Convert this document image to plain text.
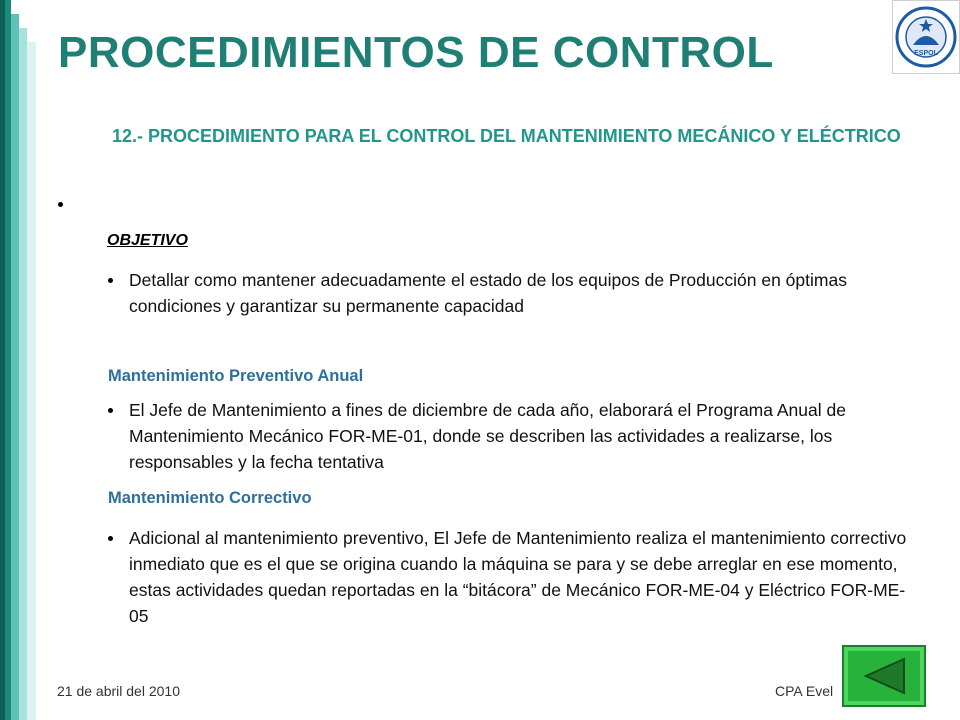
PROCEDIMIENTOS DE CONTROL	ESPOL
12.- PROCEDIMIENTO PARA EL CONTROL DEL MANTENIMIENTO MECÁNICO Y ELÉCTRICO
OBJETIVO
Detallar como mantener adecuadamente el estado de los equipos de Producción en óptimas condiciones y garantizar su permanente capacidad
Mantenimiento Preventivo Anual
El Jefe de Mantenimiento a fines de diciembre de cada año, elaborará el Programa Anual de Mantenimiento Mecánico FOR-ME-01, donde se describen las actividades a realizarse, los responsables y la fecha tentativa
Mantenimiento Correctivo
Adicional al mantenimiento preventivo, El Jefe de Mantenimiento realiza el mantenimiento correctivo inmediato que es el que se origina cuando la máquina se para y se debe arreglar en ese momento, estas actividades quedan reportadas en la “bitácora” de Mecánico FOR-ME-04 y Eléctrico FOR-ME-05
21 de abril del 2010	CPA Evel
